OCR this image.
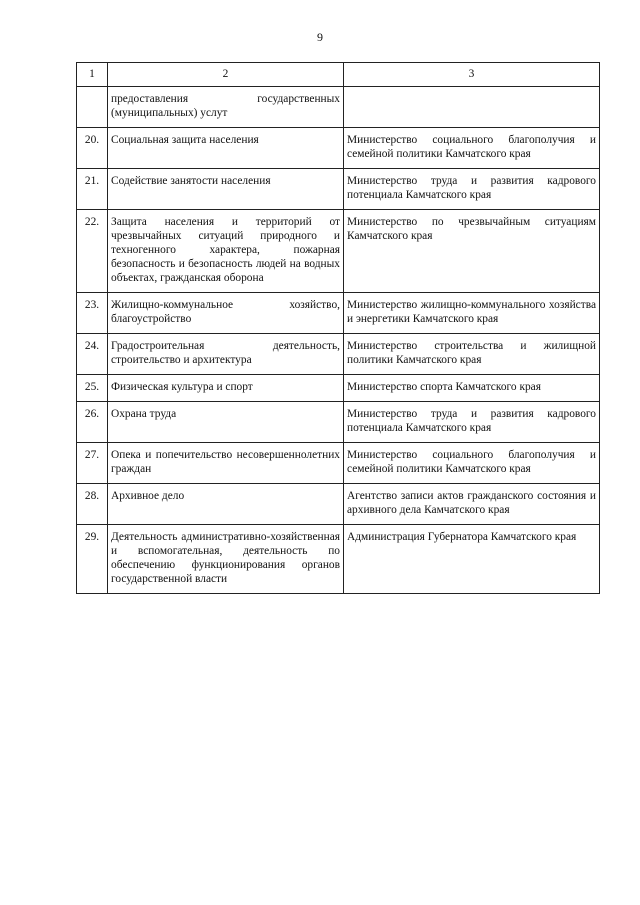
9
1	2	3
	предоставления государственных (муниципальных) услут	
20.	Социальная защита населения	Министерство социального благополучия и семейной политики Камчатского края
21.	Содействие занятости населения	Министерство труда и развития кадрового потенциала Камчатского края
22.	Защита населения и территорий от чрезвычайных ситуаций природного и техногенного характера, пожарная безопасность и безопасность людей на водных объектах, гражданская оборона	Министерство по чрезвычайным ситуациям Камчатского края
23.	Жилищно-коммунальное хозяйство, благоустройство	Министерство жилищно-коммунального хозяйства и энергетики Камчатского края
24.	Градостроительная деятельность, строительство и архитектура	Министерство строительства и жилищной политики Камчатского края
25.	Физическая культура и спорт	Министерство спорта Камчатского края
26.	Охрана труда	Министерство труда и развития кадрового потенциала Камчатского края
27.	Опека и попечительство несовершеннолетних граждан	Министерство социального благополучия и семейной политики Камчатского края
28.	Архивное дело	Агентство записи актов гражданского состояния и архивного дела Камчатского края
29.	Деятельность административно-хозяйственная и вспомогательная, деятельность по обеспечению функционирования органов государственной власти	Администрация Губернатора Камчатского края
